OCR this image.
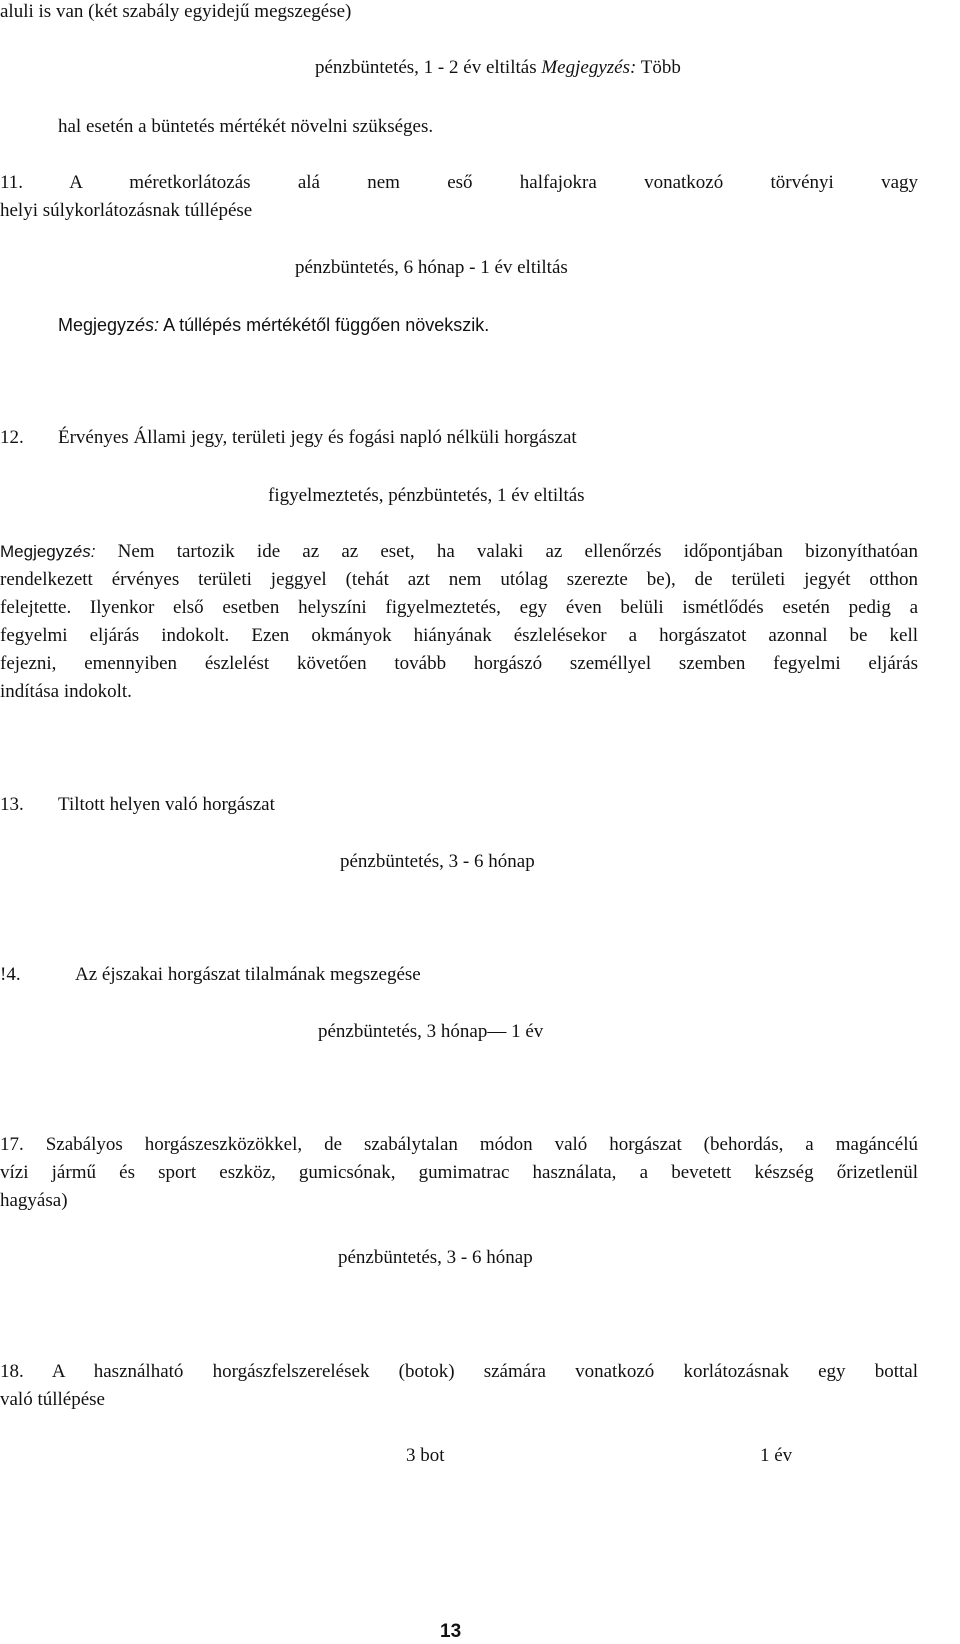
aluli is van (két szabály egyidejű megszegése)
pénzbüntetés, 1 - 2 év eltiltás Megjegyzés: Több
hal esetén a büntetés mértékét növelni szükséges.
11. A méretkorlátozás alá nem eső halfajokra vonatkozó törvényi vagy
helyi súlykorlátozásnak túllépése
pénzbüntetés, 6 hónap - 1 év eltiltás
Megjegyzés: A túllépés mértékétől függően növekszik.
12. Érvényes Állami jegy, területi jegy és fogási napló nélküli horgászat
figyelmeztetés, pénzbüntetés, 1 év eltiltás
Megjegyzés: Nem tartozik ide az az eset, ha valaki az ellenőrzés időpontjában bizonyíthatóan
rendelkezett érvényes területi jeggyel (tehát azt nem utólag szerezte be), de területi jegyét otthon
felejtette. Ilyenkor első esetben helyszíni figyelmeztetés, egy éven belüli ismétlődés esetén pedig a
fegyelmi eljárás indokolt. Ezen okmányok hiányának észlelésekor a horgászatot azonnal be kell
fejezni, emennyiben észlelést követően tovább horgászó személlyel szemben fegyelmi eljárás
indítása indokolt.
13. Tiltott helyen való horgászat
pénzbüntetés, 3 - 6 hónap
!4.	Az éjszakai horgászat tilalmának megszegése
pénzbüntetés, 3 hónap— 1 év
17. Szabályos horgászeszközökkel, de szabálytalan módon való horgászat (behordás, a magáncélú
vízi jármű és sport eszköz, gumicsónak, gumimatrac használata, a bevetett készség őrizetlenül
hagyása)
pénzbüntetés, 3 - 6 hónap
18. A használható horgászfelszerelések (botok) számára vonatkozó korlátozásnak egy bottal
való túllépése
3 bot	1 év
13
